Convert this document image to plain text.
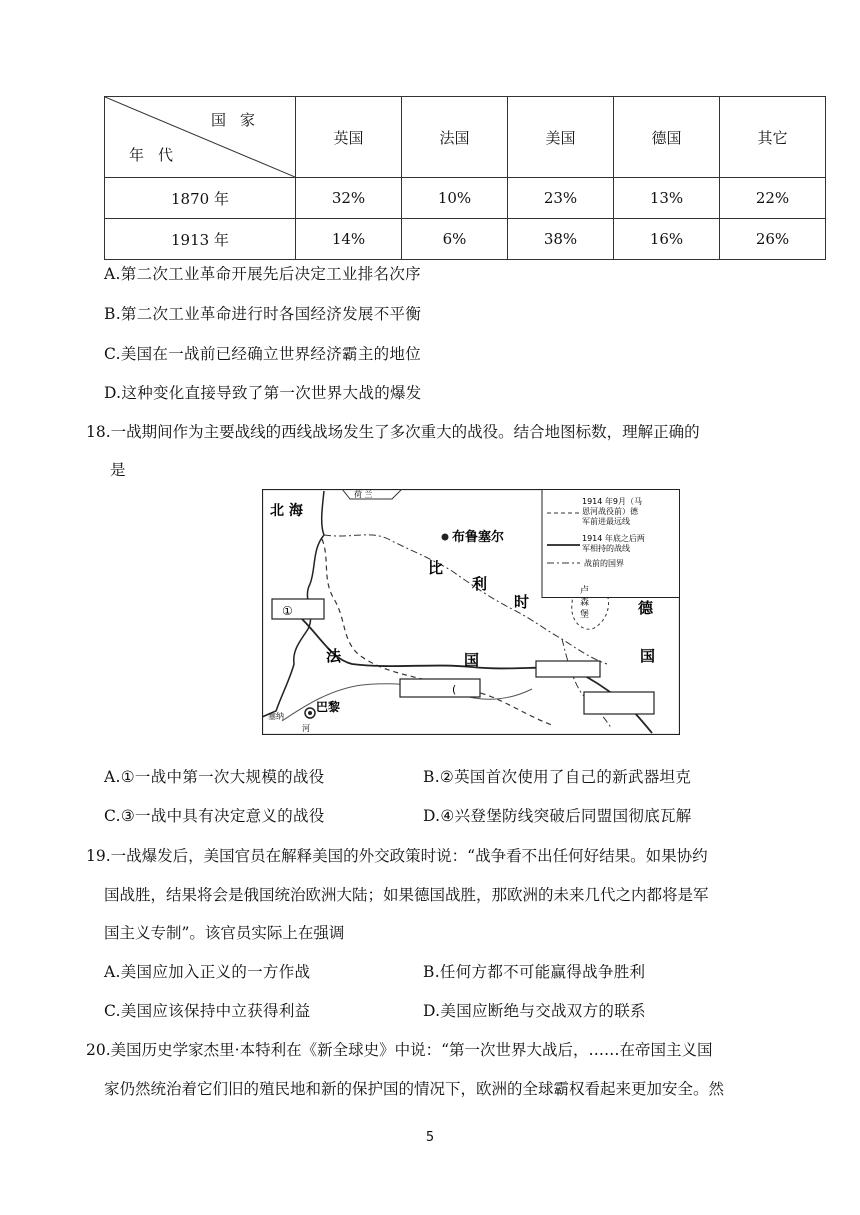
国家
年代	英国	法国	美国	德国	其它
1870 年	32%	10%	23%	13%	22%
1913 年	14%	6%	38%	16%	26%
A.第二次工业革命开展先后决定工业排名次序
B.第二次工业革命进行时各国经济发展不平衡
C.美国在一战前已经确立世界经济霸主的地位
D.这种变化直接导致了第一次世界大战的爆发
18.一战期间作为主要战线的西线战场发生了多次重大的战役。结合地图标数，理解正确的
是
1914 年9月（马
恩河战役前）德
军前进最远线
1914 年底之后两
军相持的战线
战前的国界
北 海
荷 兰
布鲁塞尔
比
利
时
卢
森
堡	德
国
法	国
巴黎
塞纳
河
①
(
A.①一战中第一次大规模的战役	B.②英国首次使用了自己的新武器坦克
C.③一战中具有决定意义的战役	D.④兴登堡防线突破后同盟国彻底瓦解
19.一战爆发后，美国官员在解释美国的外交政策时说：“战争看不出任何好结果。如果协约
国战胜，结果将会是俄国统治欧洲大陆；如果德国战胜，那欧洲的未来几代之内都将是军
国主义专制”。该官员实际上在强调
A.美国应加入正义的一方作战	B.任何方都不可能赢得战争胜利
C.美国应该保持中立获得利益	D.美国应断绝与交战双方的联系
20.美国历史学家杰里·本特利在《新全球史》中说：“第一次世界大战后，……在帝国主义国
家仍然统治着它们旧的殖民地和新的保护国的情况下，欧洲的全球霸权看起来更加安全。然
5
